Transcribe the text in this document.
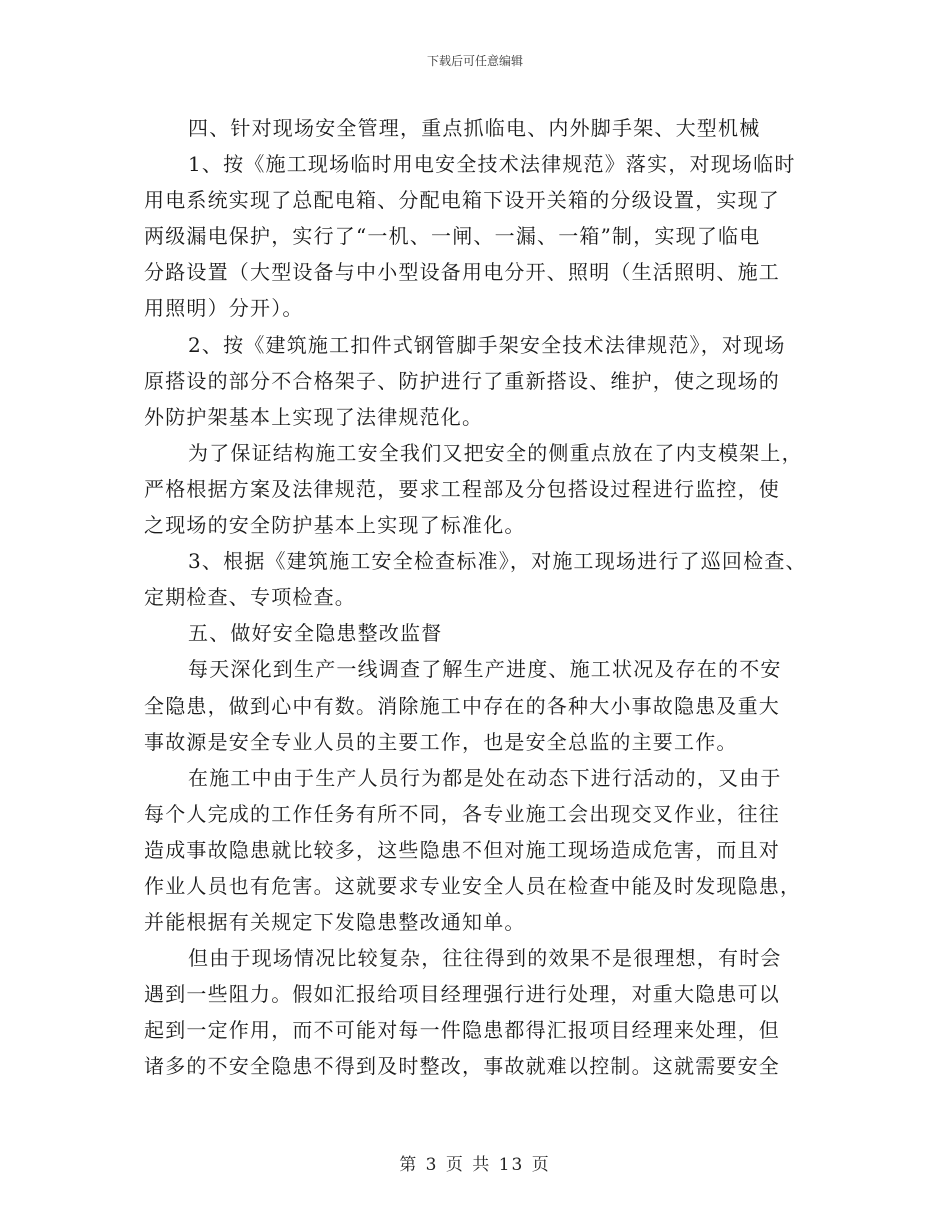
下载后可任意编辑
四、针对现场安全管理，重点抓临电、内外脚手架、大型机械
1、按《施工现场临时用电安全技术法律规范》落实，对现场临时
用电系统实现了总配电箱、分配电箱下设开关箱的分级设置，实现了
两级漏电保护，实行了“一机、一闸、一漏、一箱”制，实现了临电
分路设置（大型设备与中小型设备用电分开、照明（生活照明、施工
用照明）分开）。
2、按《建筑施工扣件式钢管脚手架安全技术法律规范》，对现场
原搭设的部分不合格架子、防护进行了重新搭设、维护，使之现场的
外防护架基本上实现了法律规范化。
为了保证结构施工安全我们又把安全的侧重点放在了内支模架上，
严格根据方案及法律规范，要求工程部及分包搭设过程进行监控，使
之现场的安全防护基本上实现了标准化。
3、根据《建筑施工安全检查标准》，对施工现场进行了巡回检查、
定期检查、专项检查。
五、做好安全隐患整改监督
每天深化到生产一线调查了解生产进度、施工状况及存在的不安
全隐患，做到心中有数。消除施工中存在的各种大小事故隐患及重大
事故源是安全专业人员的主要工作，也是安全总监的主要工作。
在施工中由于生产人员行为都是处在动态下进行活动的，又由于
每个人完成的工作任务有所不同，各专业施工会出现交叉作业，往往
造成事故隐患就比较多，这些隐患不但对施工现场造成危害，而且对
作业人员也有危害。这就要求专业安全人员在检查中能及时发现隐患，
并能根据有关规定下发隐患整改通知单。
但由于现场情况比较复杂，往往得到的效果不是很理想，有时会
遇到一些阻力。假如汇报给项目经理强行进行处理，对重大隐患可以
起到一定作用，而不可能对每一件隐患都得汇报项目经理来处理，但
诸多的不安全隐患不得到及时整改，事故就难以控制。这就需要安全
第 3 页 共 13 页
